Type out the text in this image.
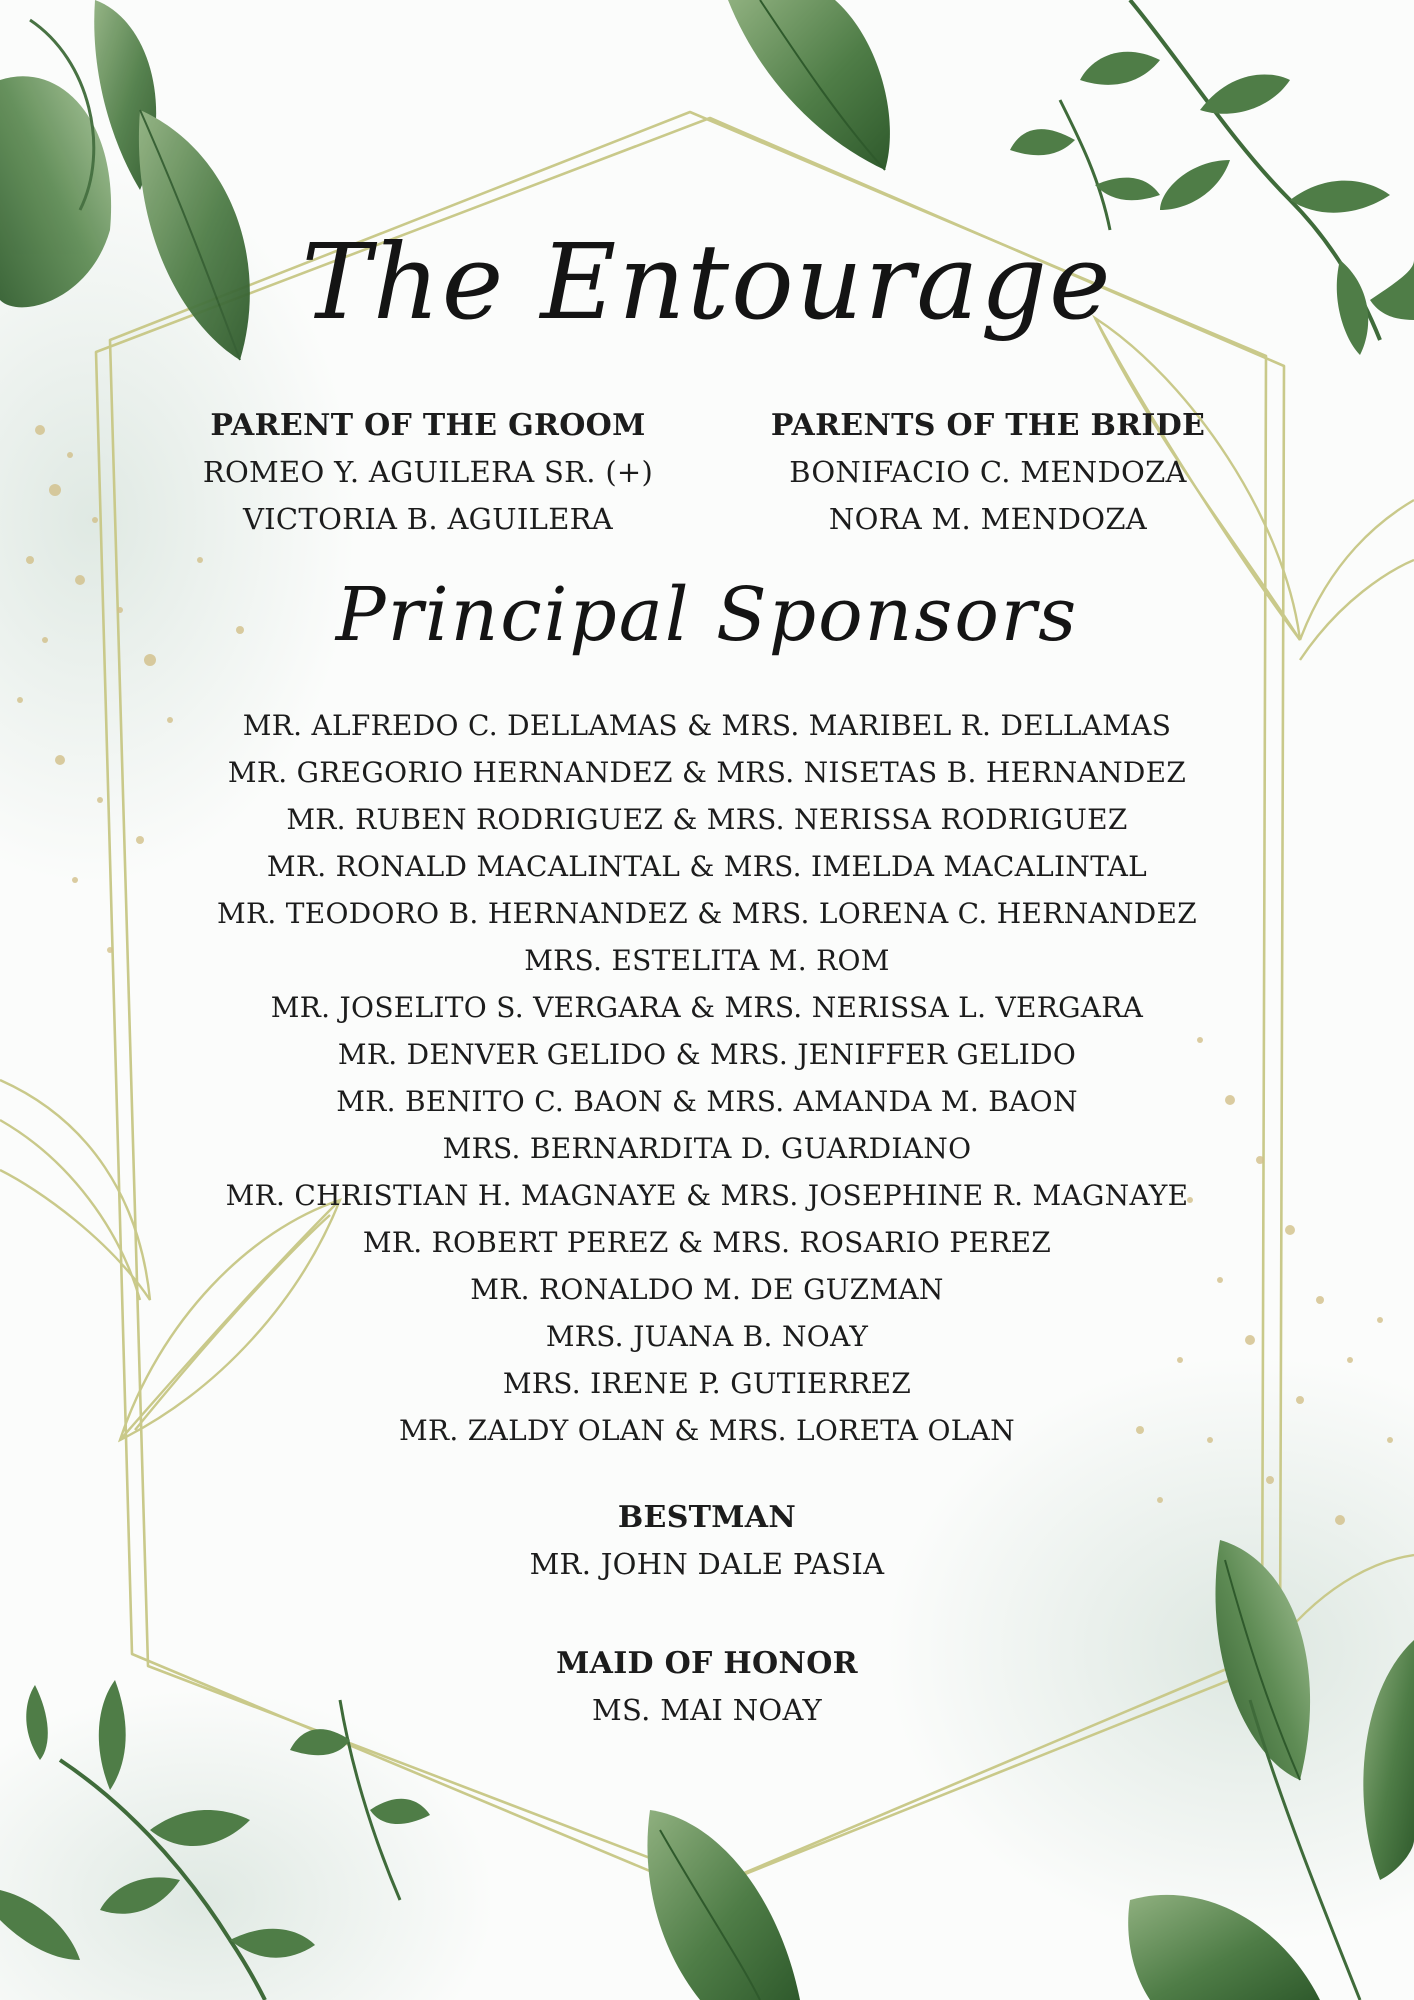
The Entourage
PARENT OF THE GROOM
ROMEO Y. AGUILERA SR. (+)
VICTORIA B. AGUILERA
PARENTS OF THE BRIDE
BONIFACIO C. MENDOZA
NORA M. MENDOZA
Principal Sponsors
MR. ALFREDO C. DELLAMAS & MRS. MARIBEL R. DELLAMAS
MR. GREGORIO HERNANDEZ & MRS. NISETAS B. HERNANDEZ
MR. RUBEN RODRIGUEZ & MRS. NERISSA RODRIGUEZ
MR. RONALD MACALINTAL & MRS. IMELDA MACALINTAL
MR. TEODORO B. HERNANDEZ & MRS. LORENA C. HERNANDEZ
MRS. ESTELITA M. ROM
MR. JOSELITO S. VERGARA & MRS. NERISSA L. VERGARA
MR. DENVER GELIDO & MRS. JENIFFER GELIDO
MR. BENITO C. BAON & MRS. AMANDA M. BAON
MRS. BERNARDITA D. GUARDIANO
MR. CHRISTIAN H. MAGNAYE & MRS. JOSEPHINE R. MAGNAYE
MR. ROBERT PEREZ & MRS. ROSARIO PEREZ
MR. RONALDO M. DE GUZMAN
MRS. JUANA B. NOAY
MRS. IRENE P. GUTIERREZ
MR. ZALDY OLAN & MRS. LORETA OLAN
BESTMAN
MR. JOHN DALE PASIA
MAID OF HONOR
MS. MAI NOAY
